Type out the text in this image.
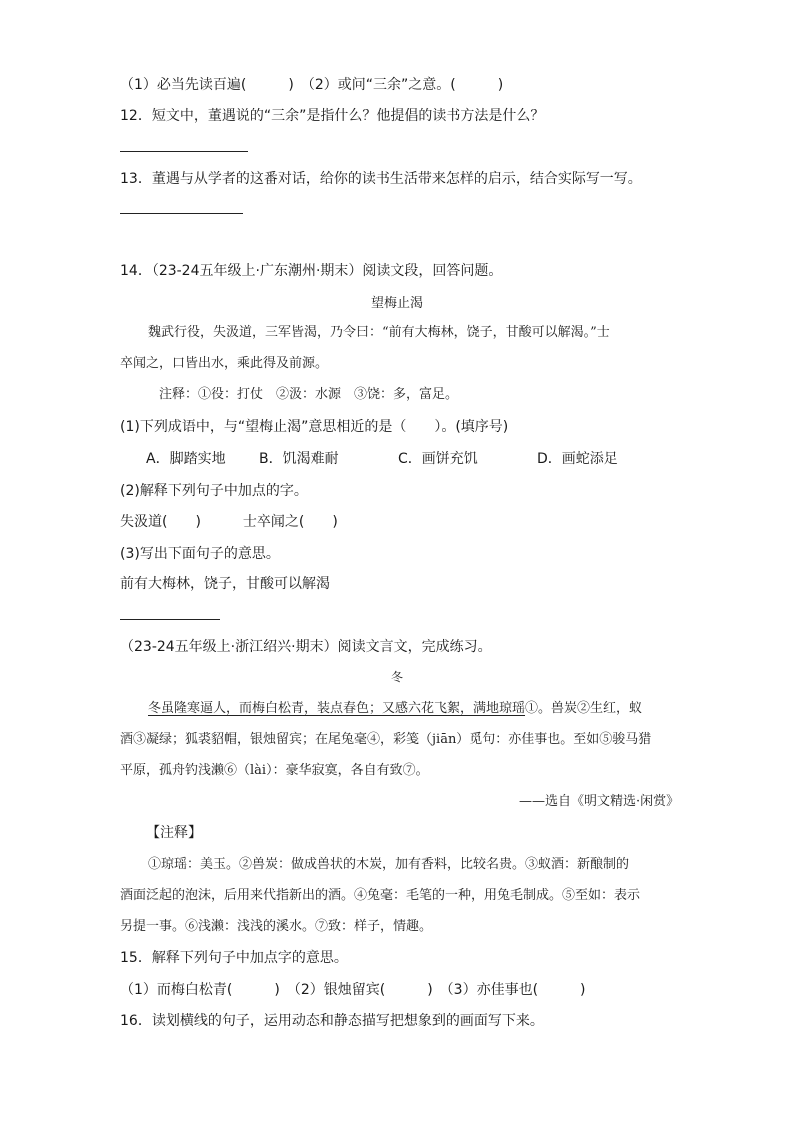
（1）必当先读百遍(　　　)　（2）或问“三余”之意。(　　　)
12．短文中，董遇说的“三余”是指什么？他提倡的读书方法是什么？
13．董遇与从学者的这番对话，给你的读书生活带来怎样的启示，结合实际写一写。
14．（23-24五年级上·广东潮州·期末）阅读文段，回答问题。
望梅止渴
魏武行役，失汲道，三军皆渴，乃令曰：“前有大梅林，饶子，甘酸可以解渴。”士
卒闻之，口皆出水，乘此得及前源。
注释：①役：打仗　②汲：水源　③饶：多，富足。
(1)下列成语中，与“望梅止渴”意思相近的是（　　）。(填序号)
A．脚踏实地 B．饥渴难耐	C．画饼充饥	D．画蛇添足
(2)解释下列句子中加点的字。
失汲道(　　)　　　士卒闻之(　　)
(3)写出下面句子的意思。
前有大梅林，饶子，甘酸可以解渴
（23-24五年级上·浙江绍兴·期末）阅读文言文，完成练习。
冬
冬虽隆寒逼人，而梅白松青，装点春色；又感六花飞絮，满地琼瑶①。兽炭②生红，蚁
酒③凝绿；狐裘貂帽，银烛留宾；在尾兔毫④，彩笺（jiān）觅句：亦佳事也。至如⑤骏马猎
平原，孤舟钓浅濑⑥（lài）：豪华寂寞，各自有致⑦。
——选自《明文精选·闲赏》
【注释】
①琼瑶：美玉。②兽炭：做成兽状的木炭，加有香料，比较名贵。③蚁酒：新酿制的
酒面泛起的泡沫，后用来代指新出的酒。④兔毫：毛笔的一种，用兔毛制成。⑤至如：表示
另提一事。⑥浅濑：浅浅的溪水。⑦致：样子，情趣。
15．解释下列句子中加点字的意思。
（1）而梅白松青(　　　)　（2）银烛留宾(　　　)　（3）亦佳事也(　　　)
16．读划横线的句子，运用动态和静态描写把想象到的画面写下来。
